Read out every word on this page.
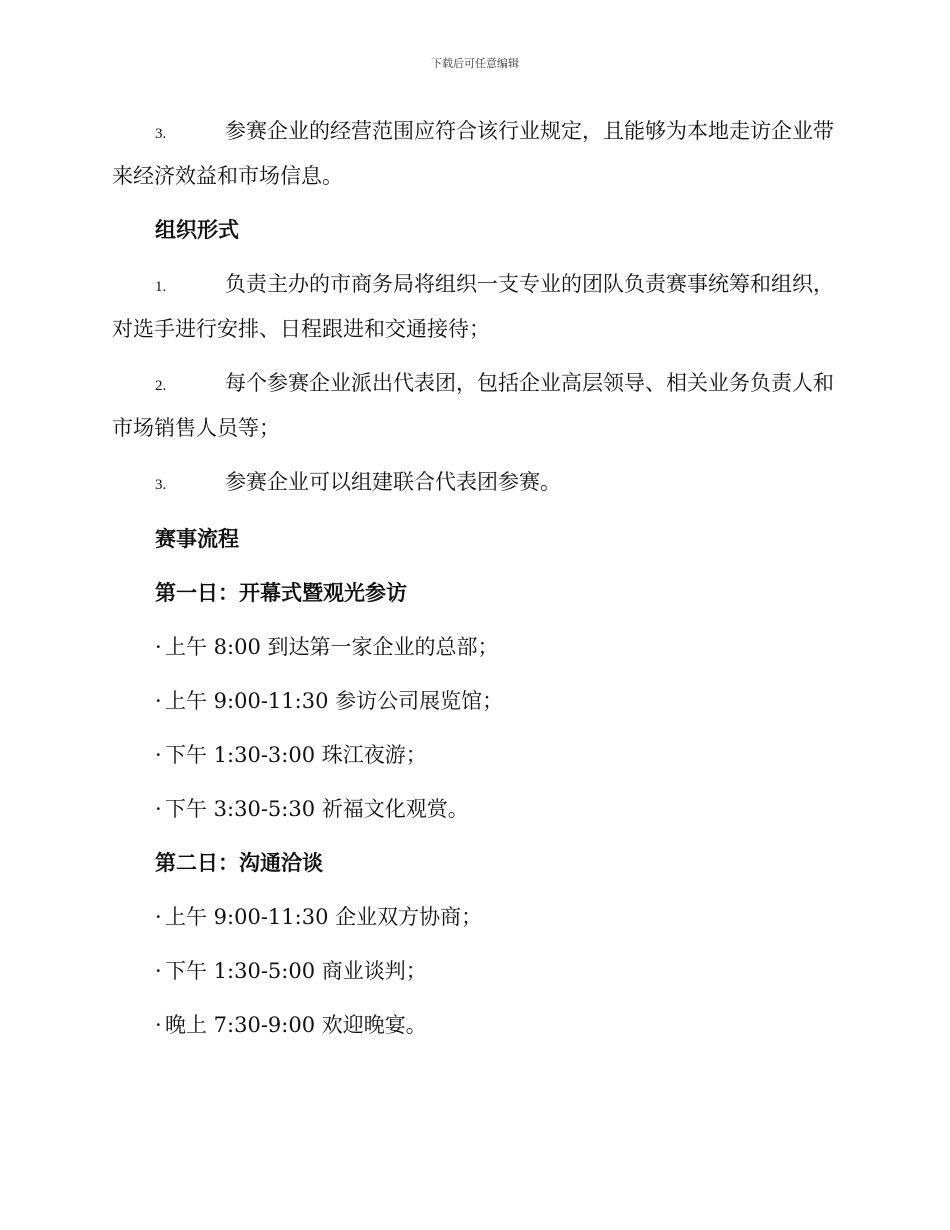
下载后可任意编辑

3.	参赛企业的经营范围应符合该行业规定，且能够为本地走访企业带来经济效益和市场信息。

组织形式

1.	负责主办的市商务局将组织一支专业的团队负责赛事统筹和组织，对选手进行安排、日程跟进和交通接待；

2.	每个参赛企业派出代表团，包括企业高层领导、相关业务负责人和市场销售人员等；

3.	参赛企业可以组建联合代表团参赛。

赛事流程
第一日：开幕式暨观光参访
· 上午 8:00 到达第一家企业的总部；
· 上午 9:00-11:30 参访公司展览馆；
· 下午 1:30-3:00 珠江夜游；
· 下午 3:30-5:30 祈福文化观赏。
第二日：沟通洽谈
· 上午 9:00-11:30 企业双方协商；
· 下午 1:30-5:00 商业谈判；
· 晚上 7:30-9:00 欢迎晚宴。
